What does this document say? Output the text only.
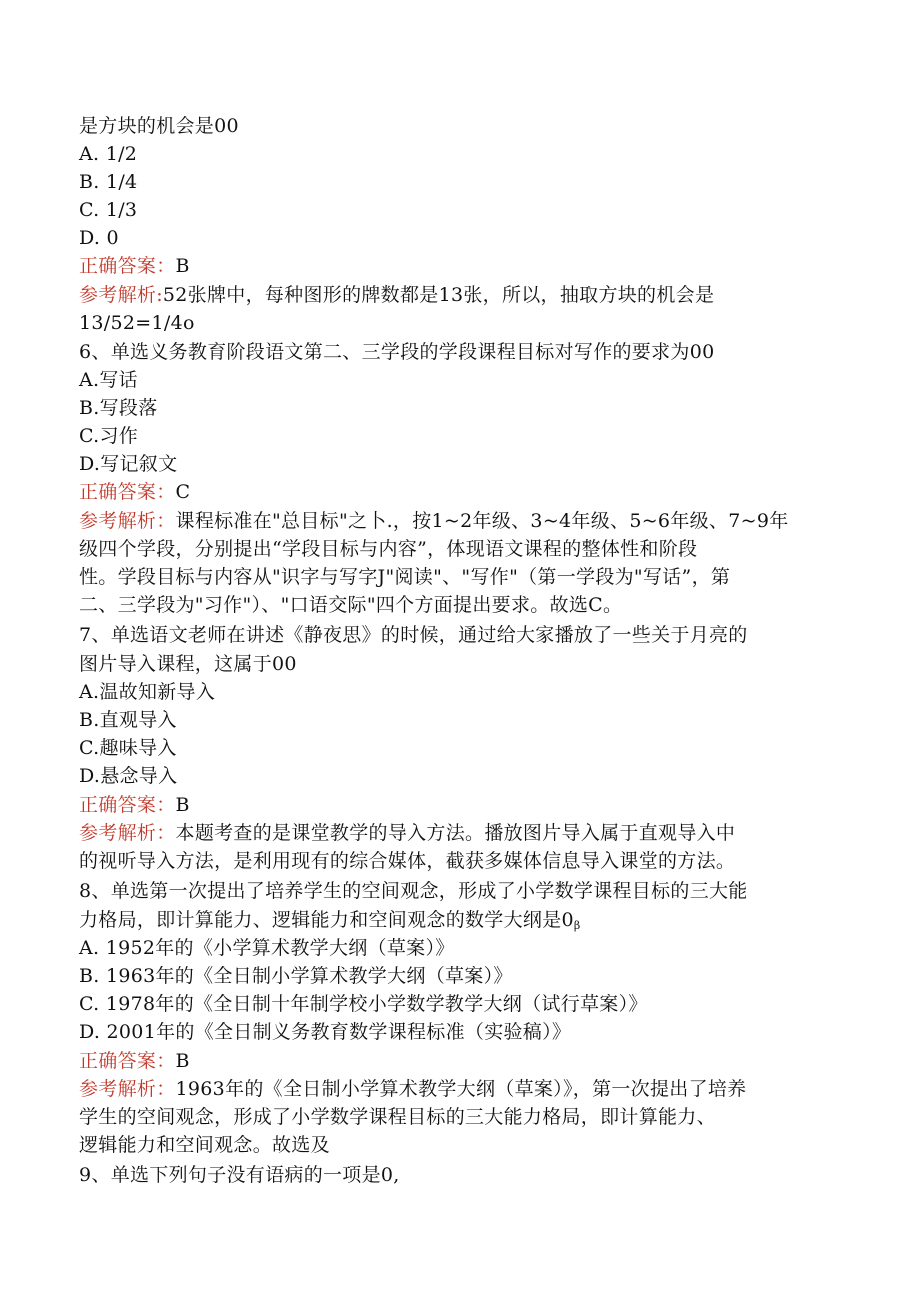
是方块的机会是00
A. 1/2
B. 1/4
C. 1/3
D. 0
正确答案：B
参考解析:52张牌中，每种图形的牌数都是13张，所以，抽取方块的机会是
13/52=1/4o
6、单选义务教育阶段语文第二、三学段的学段课程目标对写作的要求为00
A.写话
B.写段落
C.习作
D.写记叙文
正确答案：C
参考解析：课程标准在"总目标"之卜.，按1~2年级、3~4年级、5~6年级、7~9年
级四个学段，分别提出“学段目标与内容”，体现语文课程的整体性和阶段
性。学段目标与内容从"识字与写字J"阅读"、"写作"（第一学段为"写话”，第
二、三学段为"习作"）、"口语交际"四个方面提出要求。故选C。
7、单选语文老师在讲述《静夜思》的时候，通过给大家播放了一些关于月亮的
图片导入课程，这属于00
A.温故知新导入
B.直观导入
C.趣味导入
D.悬念导入
正确答案：B
参考解析：本题考查的是课堂教学的导入方法。播放图片导入属于直观导入中
的视听导入方法，是利用现有的综合媒体，截获多媒体信息导入课堂的方法。
8、单选第一次提出了培养学生的空间观念，形成了小学数学课程目标的三大能
力格局，即计算能力、逻辑能力和空间观念的数学大纲是$0_\beta$
A. 1952年的《小学算术教学大纲（草案）》
B. 1963年的《全日制小学算术教学大纲（草案）》
C. 1978年的《全日制十年制学校小学数学教学大纲（试行草案）》
D. 2001年的《全日制义务教育数学课程标准（实验稿）》
正确答案：B
参考解析：1963年的《全日制小学算术教学大纲（草案）》，第一次提出了培养
学生的空间观念，形成了小学数学课程目标的三大能力格局，即计算能力、
逻辑能力和空间观念。故选及
9、单选下列句子没有语病的一项是0,
